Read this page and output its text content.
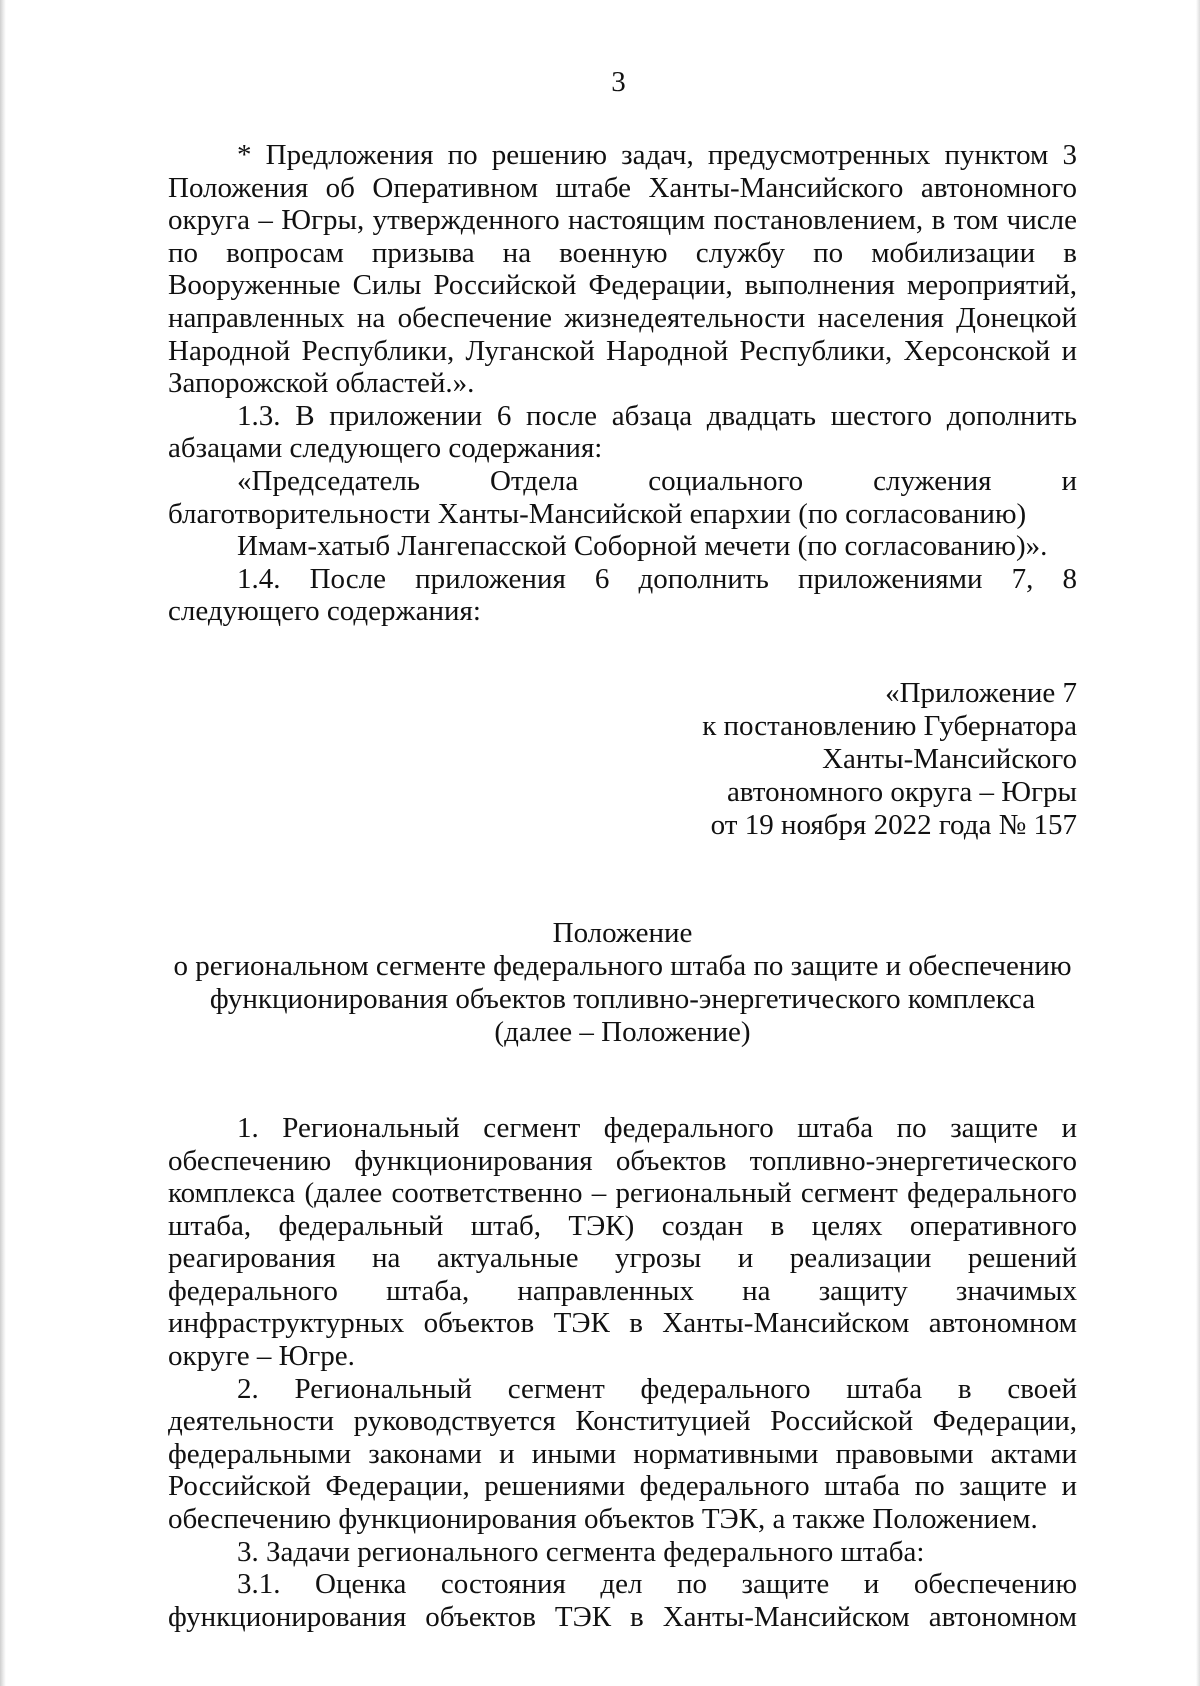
3

* Предложения по решению задач, предусмотренных пунктом 3 Положения об Оперативном штабе Ханты-Мансийского автономного округа – Югры, утвержденного настоящим постановлением, в том числе по вопросам призыва на военную службу по мобилизации в Вооруженные Силы Российской Федерации, выполнения мероприятий, направленных на обеспечение жизнедеятельности населения Донецкой Народной Республики, Луганской Народной Республики, Херсонской и Запорожской областей.».

1.3. В приложении 6 после абзаца двадцать шестого дополнить абзацами следующего содержания:

«Председатель Отдела социального служения и благотворительности Ханты-Мансийской епархии (по согласованию)

Имам-хатыб Лангепасской Соборной мечети (по согласованию)».

1.4. После приложения 6 дополнить приложениями 7, 8 следующего содержания:

«Приложение 7
к постановлению Губернатора
Ханты-Мансийского
автономного округа – Югры
от 19 ноября 2022 года № 157
Положение
о региональном сегменте федерального штаба по защите и обеспечению
функционирования объектов топливно-энергетического комплекса
(далее – Положение)

1. Региональный сегмент федерального штаба по защите и обеспечению функционирования объектов топливно-энергетического комплекса (далее соответственно – региональный сегмент федерального штаба, федеральный штаб, ТЭК) создан в целях оперативного реагирования на актуальные угрозы и реализации решений федерального штаба, направленных на защиту значимых инфраструктурных объектов ТЭК в Ханты-Мансийском автономном округе – Югре.

2. Региональный сегмент федерального штаба в своей деятельности руководствуется Конституцией Российской Федерации, федеральными законами и иными нормативными правовыми актами Российской Федерации, решениями федерального штаба по защите и обеспечению функционирования объектов ТЭК, а также Положением.

3. Задачи регионального сегмента федерального штаба:

3.1. Оценка состояния дел по защите и обеспечению функционирования объектов ТЭК в Ханты-Мансийском автономном
